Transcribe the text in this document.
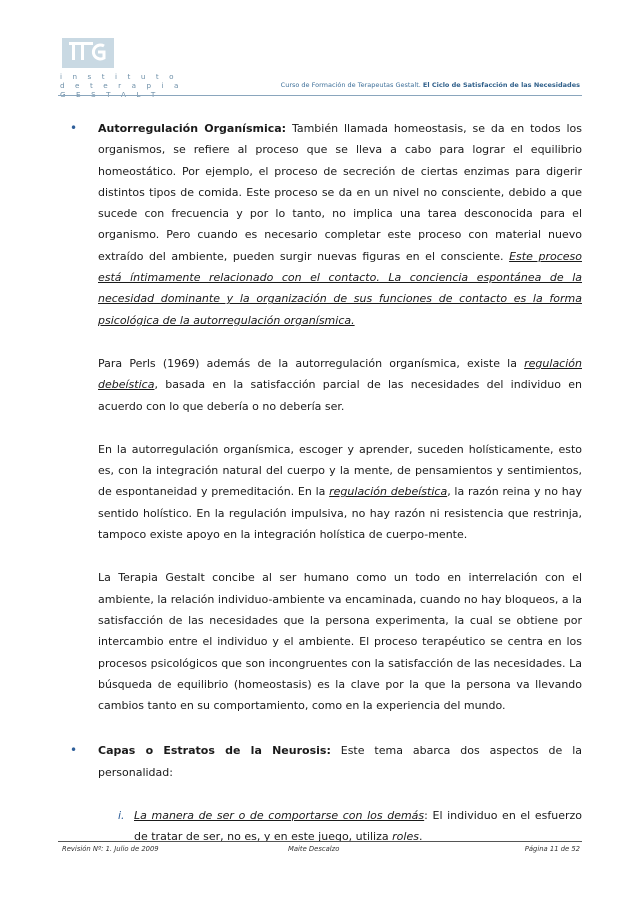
i n s t i t u t o
d e t e r a p i a
G E S T A L T
Curso de Formación de Terapeutas Gestalt. El Ciclo de Satisfacción de las Necesidades
• Autorregulación Organísmica: También llamada homeostasis, se da en todos los organismos, se refiere al proceso que se lleva a cabo para lograr el equilibrio homeostático. Por ejemplo, el proceso de secreción de ciertas enzimas para digerir distintos tipos de comida. Este proceso se da en un nivel no consciente, debido a que sucede con frecuencia y por lo tanto, no implica una tarea desconocida para el organismo. Pero cuando es necesario completar este proceso con material nuevo extraído del ambiente, pueden surgir nuevas figuras en el consciente. Este proceso está íntimamente relacionado con el contacto. La conciencia espontánea de la necesidad dominante y la organización de sus funciones de contacto es la forma psicológica de la autorregulación organísmica.

Para Perls (1969) además de la autorregulación organísmica, existe la regulación debeística, basada en la satisfacción parcial de las necesidades del individuo en acuerdo con lo que debería o no debería ser.

En la autorregulación organísmica, escoger y aprender, suceden holísticamente, esto es, con la integración natural del cuerpo y la mente, de pensamientos y sentimientos, de espontaneidad y premeditación. En la regulación debeística, la razón reina y no hay sentido holístico. En la regulación impulsiva, no hay razón ni resistencia que restrinja, tampoco existe apoyo en la integración holística de cuerpo-mente.

La Terapia Gestalt concibe al ser humano como un todo en interrelación con el ambiente, la relación individuo-ambiente va encaminada, cuando no hay bloqueos, a la satisfacción de las necesidades que la persona experimenta, la cual se obtiene por intercambio entre el individuo y el ambiente. El proceso terapéutico se centra en los procesos psicológicos que son incongruentes con la satisfacción de las necesidades. La búsqueda de equilibrio (homeostasis) es la clave por la que la persona va llevando cambios tanto en su comportamiento, como en la experiencia del mundo.

• Capas o Estratos de la Neurosis: Este tema abarca dos aspectos de la personalidad:

i. La manera de ser o de comportarse con los demás: El individuo en el esfuerzo de tratar de ser, no es, y en este juego, utiliza roles.

Revisión Nº: 1. Julio de 2009	Maite Descalzo	Página 11 de 52
